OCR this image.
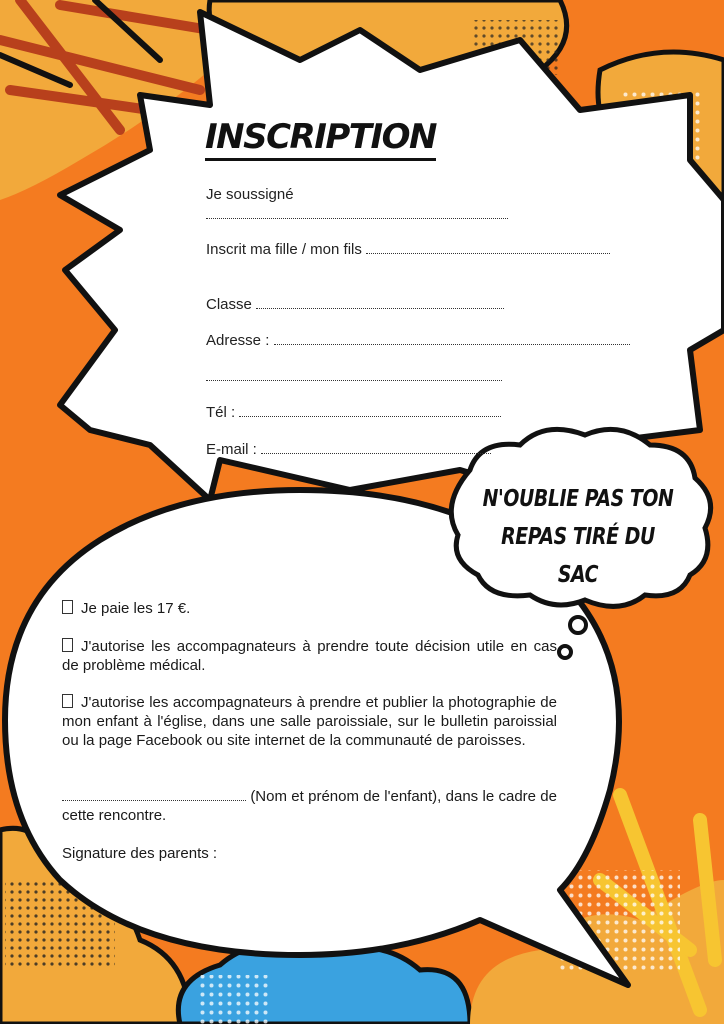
INSCRIPTION
Je soussigné
Inscrit ma fille / mon fils
Classe
Adresse :
Tél :
E-mail :
N'OUBLIE PAS TON
REPAS TIRÉ DU SAC
Je paie les 17 €.
J'autorise les accompagnateurs à prendre toute décision utile en cas de problème médical.
J'autorise les accompagnateurs à prendre et publier la photographie de mon enfant à l'église, dans une salle paroissiale, sur le bulletin paroissial ou la page Facebook ou site internet de la communauté de paroisses.
(Nom et prénom de l'enfant), dans le cadre de cette rencontre.
Signature des parents :
